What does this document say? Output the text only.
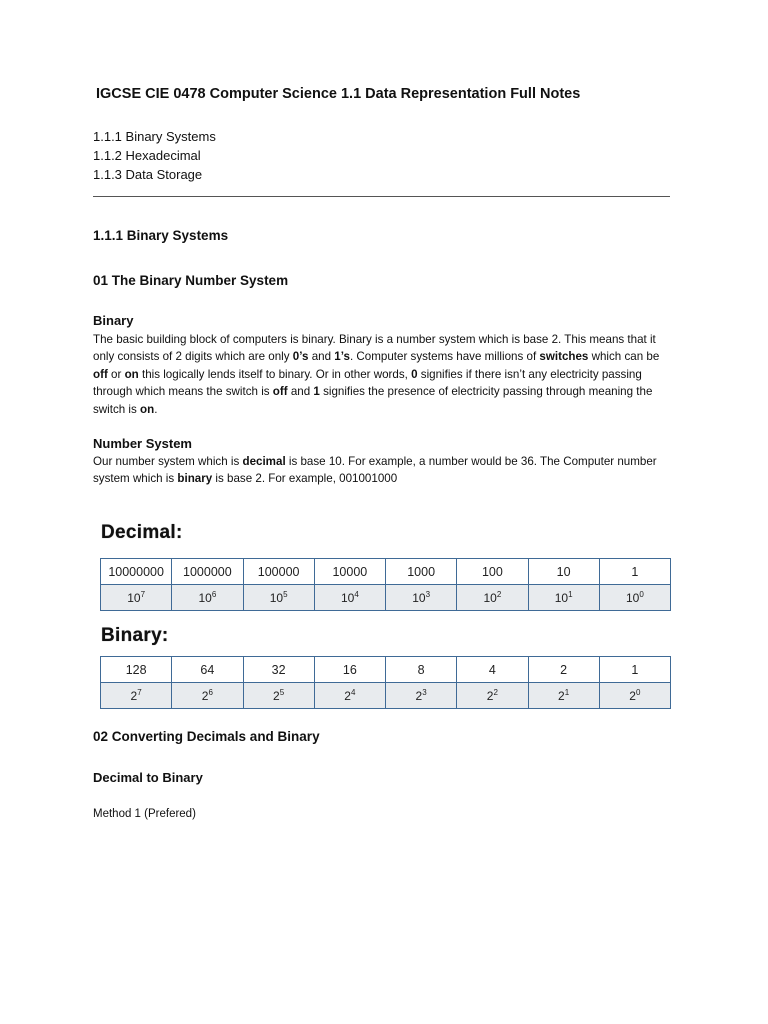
IGCSE CIE 0478 Computer Science 1.1 Data Representation Full Notes
1.1.1 Binary Systems
1.1.2 Hexadecimal
1.1.3 Data Storage
1.1.1 Binary Systems
01 The Binary Number System
Binary

The basic building block of computers is binary. Binary is a number system which is base 2. This means that it only consists of 2 digits which are only 0’s and 1’s. Computer systems have millions of switches which can be off or on this logically lends itself to binary. Or in other words, 0 signifies if there isn’t any electricity passing through which means the switch is off and 1 signifies the presence of electricity passing through meaning the switch is on.

Number System

Our number system which is decimal is base 10. For example, a number would be 36. The Computer number system which is binary is base 2. For example, 001001000

Decimal:
10000000	1000000	100000	10000	1000	100	10	1
$10^7$	$10^6$	$10^5$	$10^4$	$10^3$	$10^2$	$10^1$	$10^0$
Binary:
128	64	32	16	8	4	2	1
$2^7$	$2^6$	$2^5$	$2^4$	$2^3$	$2^2$	$2^1$	$2^0$
02 Converting Decimals and Binary
Decimal to Binary

Method 1 (Prefered)
